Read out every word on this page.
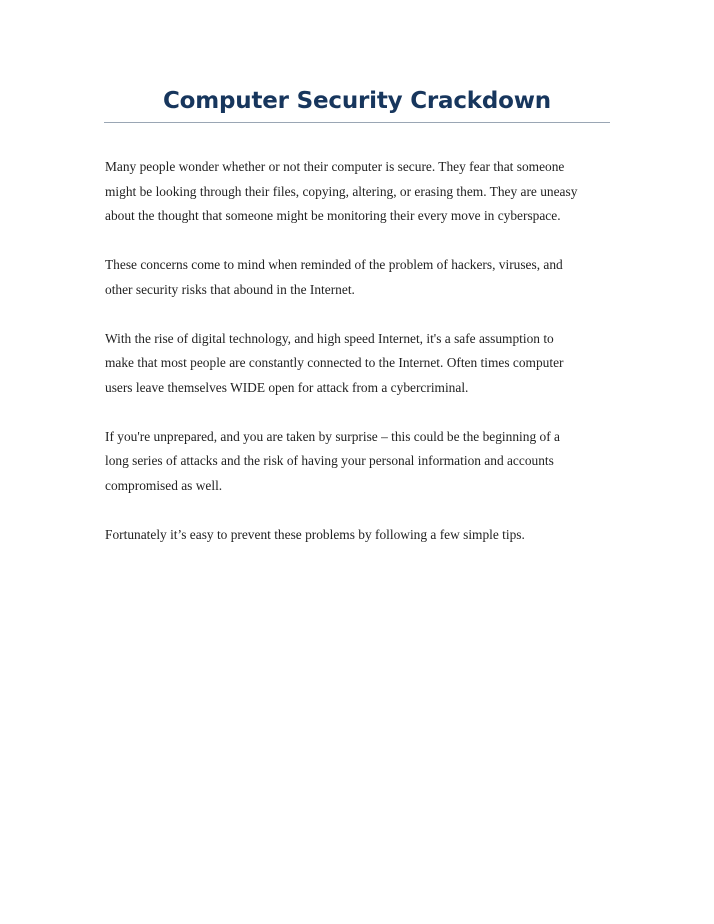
Computer Security Crackdown

Many people wonder whether or not their computer is secure. They fear that someone
might be looking through their files, copying, altering, or erasing them. They are uneasy
about the thought that someone might be monitoring their every move in cyberspace.

These concerns come to mind when reminded of the problem of hackers, viruses, and
other security risks that abound in the Internet.

With the rise of digital technology, and high speed Internet, it's a safe assumption to
make that most people are constantly connected to the Internet. Often times computer
users leave themselves WIDE open for attack from a cybercriminal.

If you're unprepared, and you are taken by surprise – this could be the beginning of a
long series of attacks and the risk of having your personal information and accounts
compromised as well.

Fortunately it’s easy to prevent these problems by following a few simple tips.
